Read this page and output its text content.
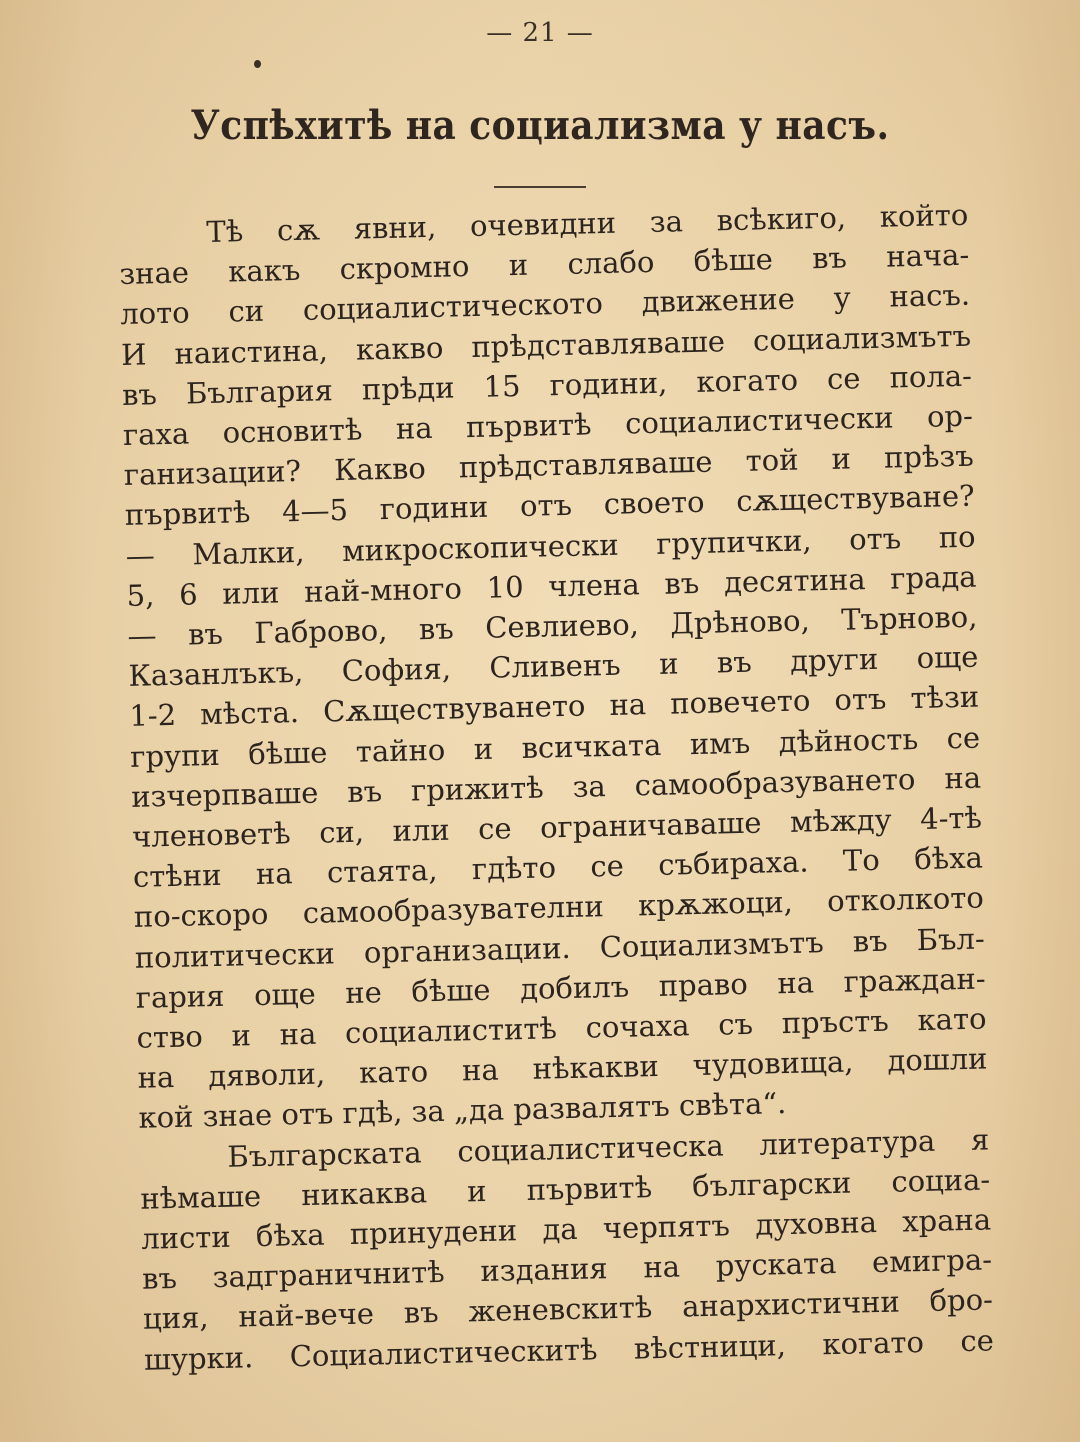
— 21 —
Успѣхитѣ на социализма у насъ.
Тѣ сѫ явни, очевидни за всѣкиго, който
знае какъ скромно и слабо бѣше въ нача-
лото си социалистическото движение у насъ.
И наистина, какво прѣдставляваше социализмътъ
въ България прѣди 15 години, когато се пола-
гаха основитѣ на първитѣ социалистически ор-
ганизации? Какво прѣдставляваше той и прѣзъ
първитѣ 4—5 години отъ своето сѫществуване?
— Малки, микроскопически групички, отъ по
5, 6 или най-много 10 члена въ десятина града
— въ Габрово, въ Севлиево, Дрѣново, Търново,
Казанлъкъ, София, Сливенъ и въ други още
1-2 мѣста. Сѫществуването на повечето отъ тѣзи
групи бѣше тайно и всичката имъ дѣйность се
изчерпваше въ грижитѣ за самообразуването на
членоветѣ си, или се ограничаваше мѣжду 4-тѣ
стѣни на стаята, гдѣто се събираха. То бѣха
по-скоро самообразувателни крѫжоци, отколкото
политически организации. Социализмътъ въ Бъл-
гария още не бѣше добилъ право на граждан-
ство и на социалиститѣ сочаха съ пръстъ като
на дяволи, като на нѣкакви чудовища, дошли
кой знае отъ гдѣ, за „да развалятъ свѣта“.
Българската социалистическа литература я
нѣмаше никаква и първитѣ български социа-
листи бѣха принудени да черпятъ духовна храна
въ задграничнитѣ издания на руската емигра-
ция, най-вече въ женевскитѣ анархистични бро-
шурки. Социалистическитѣ вѣстници, когато се
